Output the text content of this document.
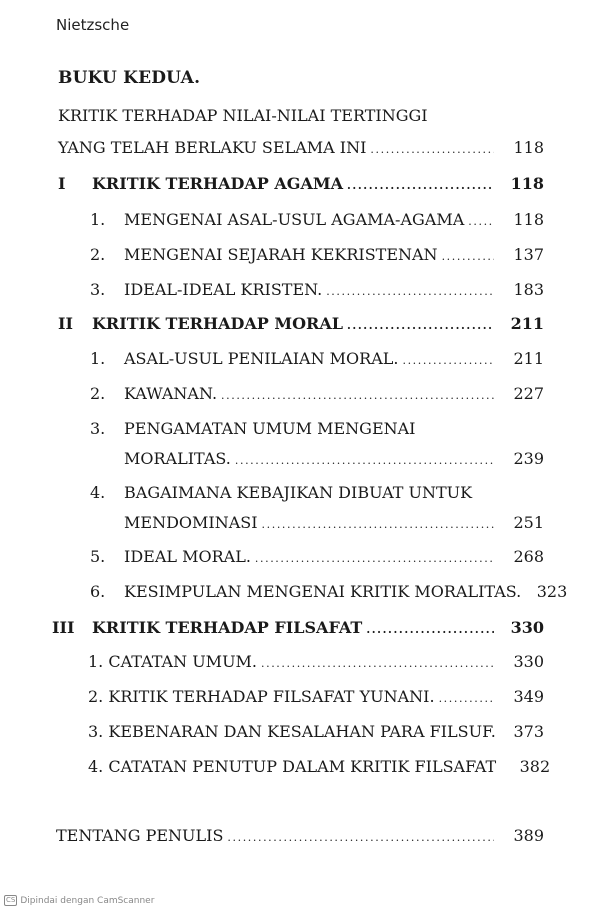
Nietzsche
BUKU KEDUA.
KRITIK TERHADAP NILAI-NILAI TERTINGGI
YANG TELAH BERLAKU SELAMA INI .....	118
I KRITIK TERHADAP AGAMA .....	118
1. MENGENAI ASAL-USUL AGAMA-AGAMA .....	118
2. MENGENAI SEJARAH KEKRISTENAN .....	137
3. IDEAL-IDEAL KRISTEN. .....	183
II KRITIK TERHADAP MORAL .....	211
1. ASAL-USUL PENILAIAN MORAL. .....	211
2. KAWANAN. .....	227
3. PENGAMATAN UMUM MENGENAI
MORALITAS. .....	239
4. BAGAIMANA KEBAJIKAN DIBUAT UNTUK
MENDOMINASI .....	251
5. IDEAL MORAL. .....	268
6. KESIMPULAN MENGENAI KRITIK MORALITAS. 323
III KRITIK TERHADAP FILSAFAT .....	330
1. CATATAN UMUM. .....	330
2. KRITIK TERHADAP FILSAFAT YUNANI. .....	349
3. KEBENARAN DAN KESALAHAN PARA FILSUF.	373
4. CATATAN PENUTUP DALAM KRITIK FILSAFAT	382
TENTANG PENULIS .....	389
CS Dipindai dengan CamScanner
